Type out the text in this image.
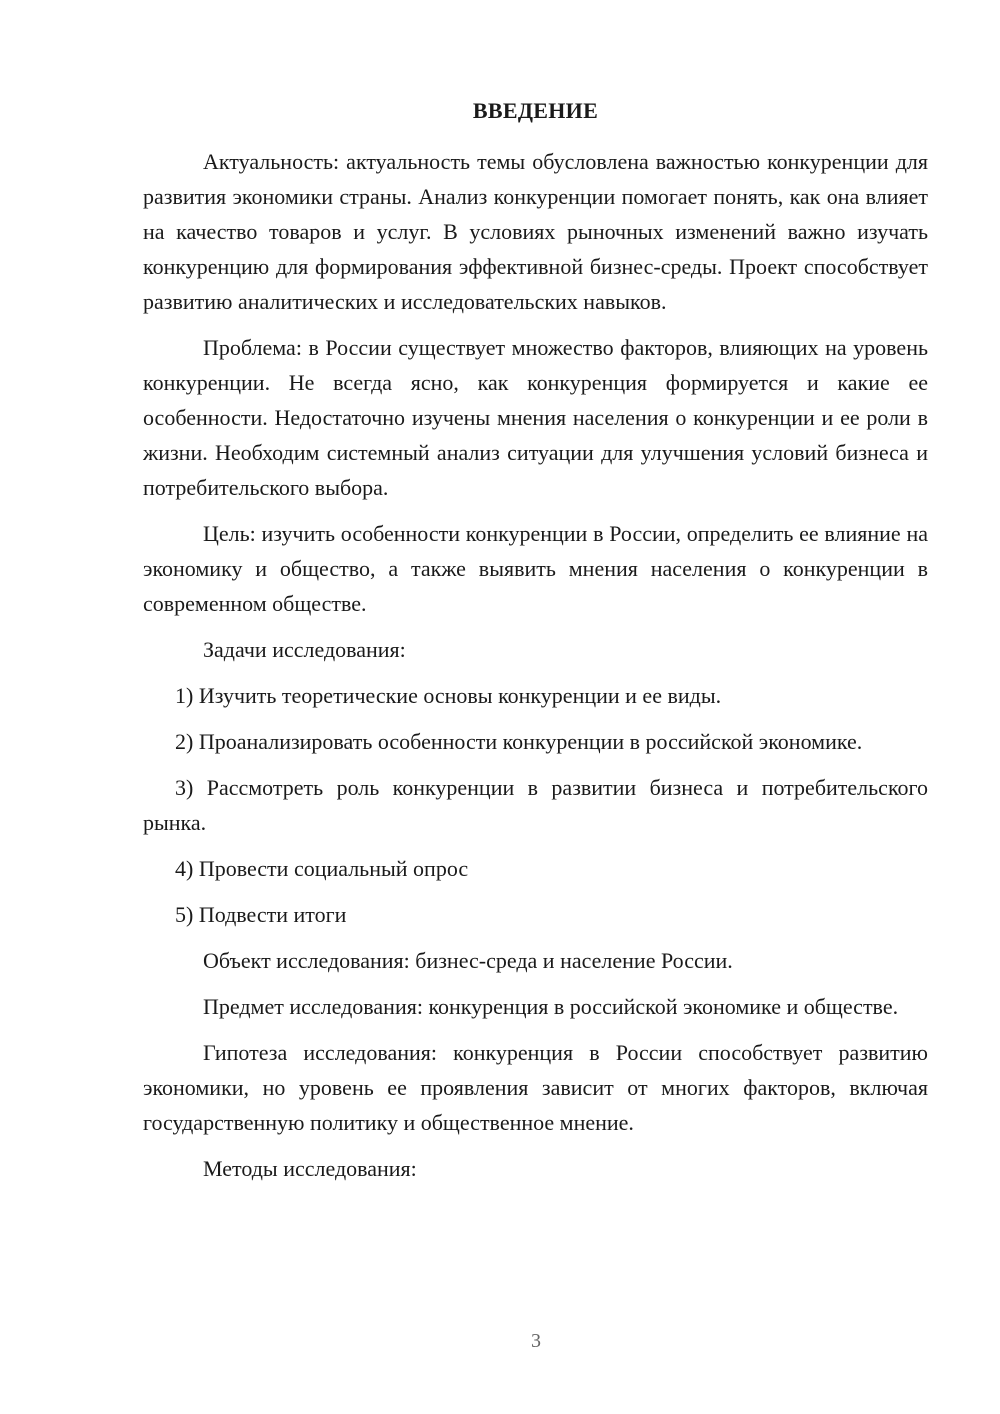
ВВЕДЕНИЕ
Актуальность: актуальность темы обусловлена важностью конкуренции для развития экономики страны. Анализ конкуренции помогает понять, как она влияет на качество товаров и услуг. В условиях рыночных изменений важно изучать конкуренцию для формирования эффективной бизнес-среды. Проект способствует развитию аналитических и исследовательских навыков.
Проблема: в России существует множество факторов, влияющих на уровень конкуренции. Не всегда ясно, как конкуренция формируется и какие ее особенности. Недостаточно изучены мнения населения о конкуренции и ее роли в жизни. Необходим системный анализ ситуации для улучшения условий бизнеса и потребительского выбора.
Цель: изучить особенности конкуренции в России, определить ее влияние на экономику и общество, а также выявить мнения населения о конкуренции в современном обществе.
Задачи исследования:
1) Изучить теоретические основы конкуренции и ее виды.
2) Проанализировать особенности конкуренции в российской экономике.
3) Рассмотреть роль конкуренции в развитии бизнеса и потребительского рынка.
4) Провести социальный опрос
5) Подвести итоги
Объект исследования: бизнес-среда и население России.
Предмет исследования: конкуренция в российской экономике и обществе.
Гипотеза исследования: конкуренция в России способствует развитию экономики, но уровень ее проявления зависит от многих факторов, включая государственную политику и общественное мнение.
Методы исследования:
3
